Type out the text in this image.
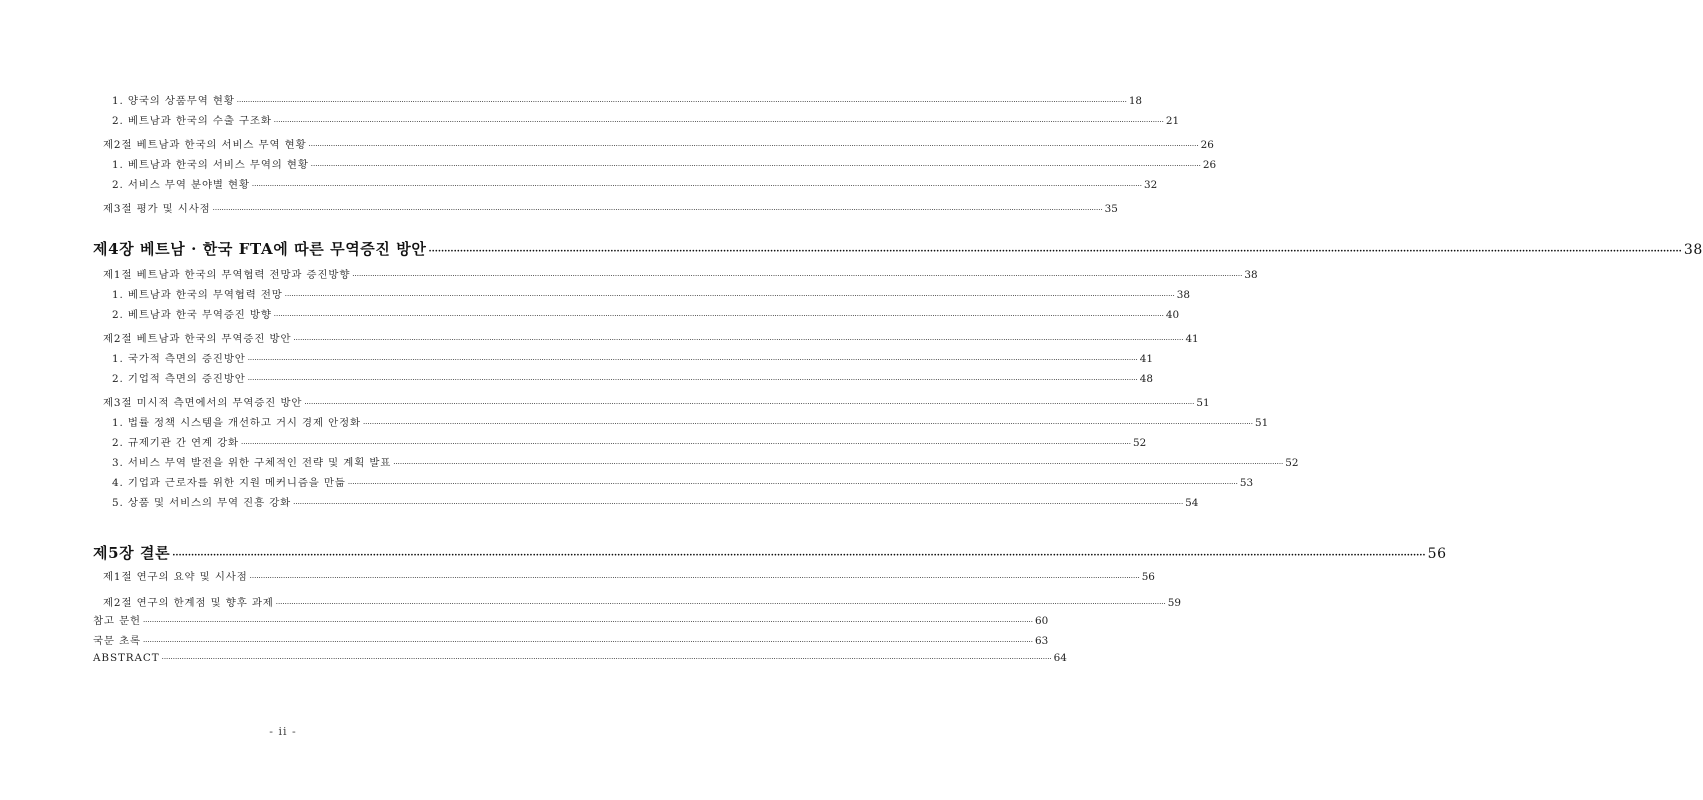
1. 양국의 상품무역 현황 ················································································································································································································································································································································································································ 18
2. 베트남과 한국의 수출 구조화 ················································································································································································································································································································································································································ 21
제2절 베트남과 한국의 서비스 무역 현황 ················································································································································································································································································································································································································ 26
1. 베트남과 한국의 서비스 무역의 현황 ················································································································································································································································································································································································································ 26
2. 서비스 무역 분야별 현황 ················································································································································································································································································································································································································ 32
제3절 평가 및 시사점 ················································································································································································································································································································································································································ 35
제4장 베트남 · 한국 FTA에 따른 무역증진 방안 ················································································································································································································································································································································································································ 38
제1절 베트남과 한국의 무역협력 전망과 증진방향 ················································································································································································································································································································································································································ 38
1. 베트남과 한국의 무역협력 전망 ················································································································································································································································································································································································································ 38
2. 베트남과 한국 무역증진 방향 ················································································································································································································································································································································································································ 40
제2절 베트남과 한국의 무역증진 방안 ················································································································································································································································································································································································································ 41
1. 국가적 측면의 증진방안 ················································································································································································································································································································································································································ 41
2. 기업적 측면의 증진방안 ················································································································································································································································································································································································································ 48
제3절 미시적 측면에서의 무역증진 방안 ················································································································································································································································································································································································································ 51
1. 법률 정책 시스템을 개선하고 거시 경제 안정화 ················································································································································································································································································································································································································ 51
2. 규제기관 간 연계 강화 ················································································································································································································································································································································································································ 52
3. 서비스 무역 발전을 위한 구체적인 전략 및 계획 발표 ················································································································································································································································································································································································································ 52
4. 기업과 근로자를 위한 지원 메커니즘을 만듦 ················································································································································································································································································································································································································ 53
5. 상품 및 서비스의 무역 진흥 강화 ················································································································································································································································································································································································································ 54
제5장 결론 ················································································································································································································································································································································································································ 56
제1절 연구의 요약 및 시사점 ················································································································································································································································································································································································································ 56
제2절 연구의 한계점 및 향후 과제 ················································································································································································································································································································································································································ 59
참고 문헌 ················································································································································································································································································································································································································ 60
국문 초록 ················································································································································································································································································································································································································ 63
ABSTRACT ················································································································································································································································································································································································································ 64
- ii -
